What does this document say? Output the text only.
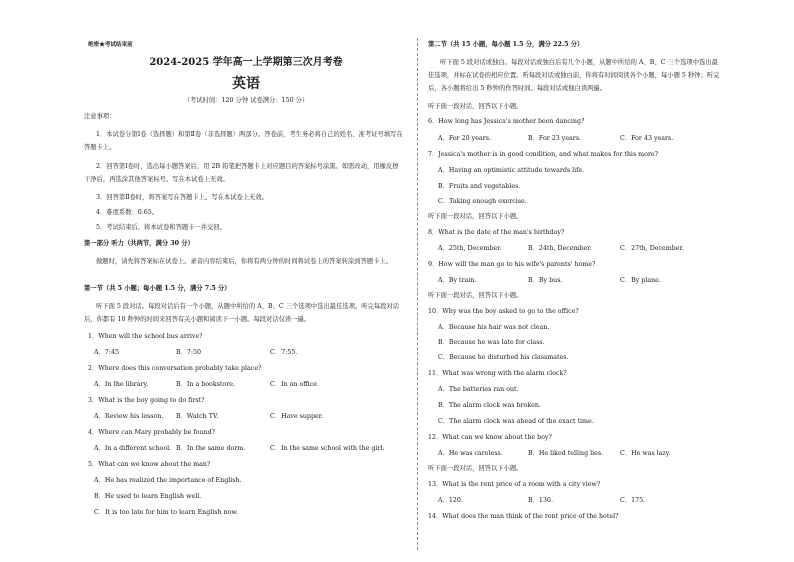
绝密★考试结束前
2024-2025 学年高一上学期第三次月考卷
英语
（考试时间：120 分钟 试卷满分：150 分）
注意事项：
1．本试卷分第Ⅰ卷（选择题）和第Ⅱ卷（非选择题）两部分。答卷前，考生务必将自己的姓名、准考证号填写在答题卡上。
2．回答第Ⅰ卷时，选出每小题答案后，用 2B 铅笔把答题卡上对应题目的答案标号涂黑。如需改动，用橡皮擦干净后，再选涂其他答案标号。写在本试卷上无效。
3．回答第Ⅱ卷时，将答案写在答题卡上。写在本试卷上无效。
4．难度系数：0.65。
5．考试结束后，将本试卷和答题卡一并交回。
第一部分 听力（共两节，满分 30 分）
做题时，请先将答案标在试卷上。录音内容结束后，你将有两分钟的时间将试卷上的答案转涂到答题卡上。
第一节（共 5 小题；每小题 1.5 分，满分 7.5 分）
听下面 5 段对话。每段对话后有一个小题，从题中所给的 A、B、C 三个选项中选出最佳选项。听完每段对话后，你都有 10 秒钟的时间来回答有关小题和阅读下一小题。每段对话仅读一遍。
1．When will the school bus arrive?
A．7:45	B．7:50	C．7:55.
2．Where does this conversation probably take place?
A．In the library.	B．In a bookstore.	C．In an office.
3．What is the boy going to do first?
A．Review his lesson. B．Watch TV.	C．Have supper.
4．Where can Mary probably be found?
A．In a different school. B．In the same dorm.	C．In the same school with the girl.
5．What can we know about the man?
A．He has realized the importance of English.
B．He used to learn English well.
C．It is too late for him to learn English now.
第二节（共 15 小题，每小题 1.5 分，满分 22.5 分）
听下面 5 段对话或独白。每段对话或独白后有几个小题，从题中所给的 A、B、C 三个选项中选出最佳选项，并标在试卷的相应位置。听每段对话或独白前，你将有时间阅读各个小题，每小题 5 秒钟；听完后，各小题将给出 5 秒钟的作答时间。每段对话或独白读两遍。
听下面一段对话，回答以下小题。
6．How long has Jessica's mother been dancing?
A．For 20 years.	B．For 23 years.	C．For 43 years.
7．Jessica's mother is in good condition, and what makes for this more?
A．Having an optimistic attitude towards life.
B．Fruits and vegetables.
C．Taking enough exercise.
听下面一段对话，回答以下小题。
8．What is the date of the man's birthday?
A．25th, December.	B．24th, December.	C．27th, December.
9．How will the man go to his wife's parents' home?
A．By train.	B．By bus.	C．By plane.
听下面一段对话，回答以下小题。
10．Why was the boy asked to go to the office?
A．Because his hair was not clean.
B．Because he was late for class.
C．Because he disturbed his classmates.
11．What was wrong with the alarm clock?
A．The batteries ran out.
B．The alarm clock was broken.
C．The alarm clock was ahead of the exact time.
12．What can we know about the boy?
A．He was careless.	B．He liked telling lies.	C．He was lazy.
听下面一段对话，回答以下小题。
13．What is the rent price of a room with a city view?
A．120.	B．130.	C．175.
14．What does the man think of the rent price of the hotel?
